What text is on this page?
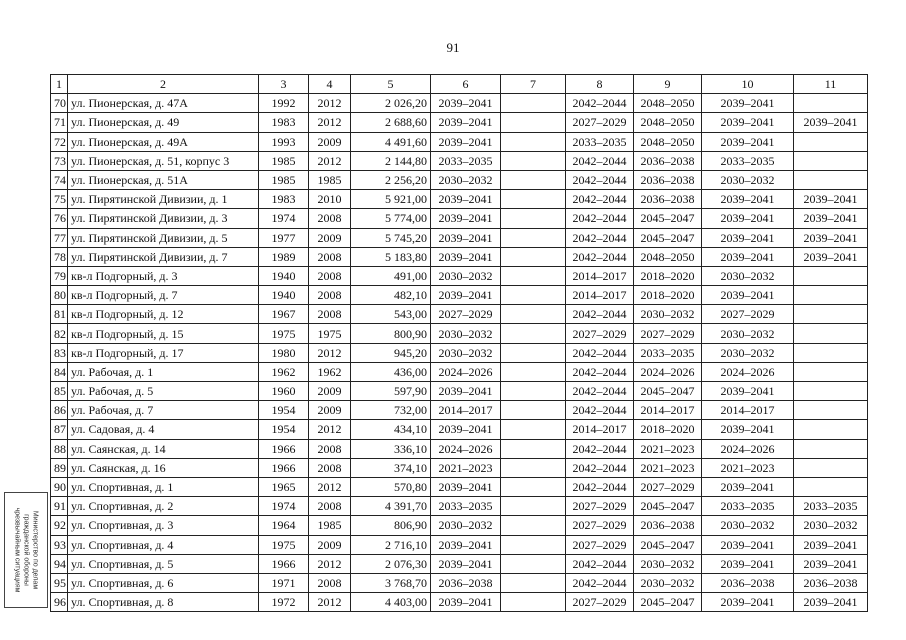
91
1	2	3	4	5	6	7	8	9	10	11
70	ул. Пионерская, д. 47А	1992	2012	2 026,20	2039–2041		2042–2044	2048–2050	2039–2041	
71	ул. Пионерская, д. 49	1983	2012	2 688,60	2039–2041		2027–2029	2048–2050	2039–2041	2039–2041
72	ул. Пионерская, д. 49А	1993	2009	4 491,60	2039–2041		2033–2035	2048–2050	2039–2041	
73	ул. Пионерская, д. 51, корпус 3	1985	2012	2 144,80	2033–2035		2042–2044	2036–2038	2033–2035	
74	ул. Пионерская, д. 51А	1985	1985	2 256,20	2030–2032		2042–2044	2036–2038	2030–2032	
75	ул. Пирятинской Дивизии, д. 1	1983	2010	5 921,00	2039–2041		2042–2044	2036–2038	2039–2041	2039–2041
76	ул. Пирятинской Дивизии, д. 3	1974	2008	5 774,00	2039–2041		2042–2044	2045–2047	2039–2041	2039–2041
77	ул. Пирятинской Дивизии, д. 5	1977	2009	5 745,20	2039–2041		2042–2044	2045–2047	2039–2041	2039–2041
78	ул. Пирятинской Дивизии, д. 7	1989	2008	5 183,80	2039–2041		2042–2044	2048–2050	2039–2041	2039–2041
79	кв-л Подгорный, д. 3	1940	2008	491,00	2030–2032		2014–2017	2018–2020	2030–2032	
80	кв-л Подгорный, д. 7	1940	2008	482,10	2039–2041		2014–2017	2018–2020	2039–2041	
81	кв-л Подгорный, д. 12	1967	2008	543,00	2027–2029		2042–2044	2030–2032	2027–2029	
82	кв-л Подгорный, д. 15	1975	1975	800,90	2030–2032		2027–2029	2027–2029	2030–2032	
83	кв-л Подгорный, д. 17	1980	2012	945,20	2030–2032		2042–2044	2033–2035	2030–2032	
84	ул. Рабочая, д. 1	1962	1962	436,00	2024–2026		2042–2044	2024–2026	2024–2026	
85	ул. Рабочая, д. 5	1960	2009	597,90	2039–2041		2042–2044	2045–2047	2039–2041	
86	ул. Рабочая, д. 7	1954	2009	732,00	2014–2017		2042–2044	2014–2017	2014–2017	
87	ул. Садовая, д. 4	1954	2012	434,10	2039–2041		2014–2017	2018–2020	2039–2041	
88	ул. Саянская, д. 14	1966	2008	336,10	2024–2026		2042–2044	2021–2023	2024–2026	
89	ул. Саянская, д. 16	1966	2008	374,10	2021–2023		2042–2044	2021–2023	2021–2023	
90	ул. Спортивная, д. 1	1965	2012	570,80	2039–2041		2042–2044	2027–2029	2039–2041	
91	ул. Спортивная, д. 2	1974	2008	4 391,70	2033–2035		2027–2029	2045–2047	2033–2035	2033–2035
92	ул. Спортивная, д. 3	1964	1985	806,90	2030–2032		2027–2029	2036–2038	2030–2032	2030–2032
93	ул. Спортивная, д. 4	1975	2009	2 716,10	2039–2041		2027–2029	2045–2047	2039–2041	2039–2041
94	ул. Спортивная, д. 5	1966	2012	2 076,30	2039–2041		2042–2044	2030–2032	2039–2041	2039–2041
95	ул. Спортивная, д. 6	1971	2008	3 768,70	2036–2038		2042–2044	2030–2032	2036–2038	2036–2038
96	ул. Спортивная, д. 8	1972	2012	4 403,00	2039–2041		2027–2029	2045–2047	2039–2041	2039–2041
Министерство по делам
гражданской обороны
чрезвычайным ситуациям
